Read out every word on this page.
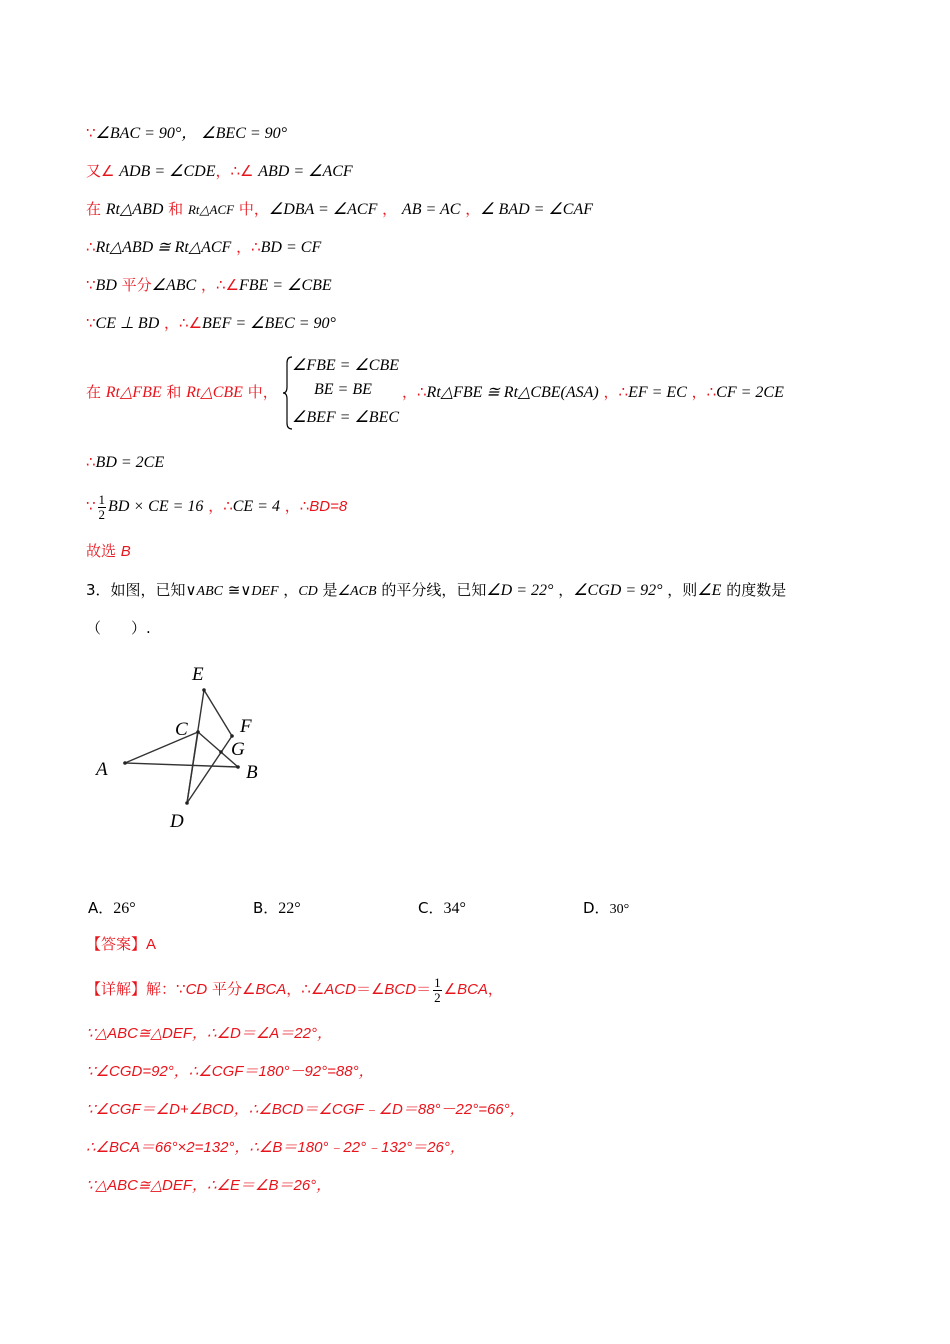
∵∠BAC = 90°， ∠BEC = 90°
又∠ ADB = ∠CDE，∴∠ ABD = ∠ACF
在 Rt△ABD 和 Rt△ACF 中，∠DBA = ∠ACF ， AB = AC ，∠ BAD = ∠CAF
∴Rt△ABD ≅ Rt△ACF ，∴BD = CF
∵BD 平分∠ABC ，∴∠FBE = ∠CBE
∵CE ⊥ BD ，∴∠BEF = ∠BEC = 90°
在 Rt△FBE 和 Rt△CBE 中，
∠FBE = ∠CBE
BE = BE
∠BEF = ∠BEC
，∴Rt△FBE ≅ Rt△CBE(ASA) ，∴EF = EC ，∴CF = 2CE
∴BD = 2CE
∵ $\frac{1}{2}$ BD × CE = 16 ，∴CE = 4 ，∴BD=8
故选 B
3．如图，已知∨ABC ≅∨DEF ，CD 是∠ACB 的平分线，已知∠D = 22° ，∠CGD = 92° ，则∠E 的度数是
（　　）.
E
C	F
G
A	B
D
A．26°	B．22°	C．34°	D．30°
【答案】A
【详解】解：∵CD 平分∠BCA，∴∠ACD＝∠BCD＝ $\frac{1}{2}$ ∠BCA，
∵△ABC≅△DEF，∴∠D＝∠A＝22°，
∵∠CGD=92°，∴∠CGF＝180°－92°=88°，
∵∠CGF＝∠D+∠BCD，∴∠BCD＝∠CGF﹣∠D＝88°－22°=66°，
∴∠BCA＝66°×2=132°，∴∠B＝180°﹣22°﹣132°＝26°，
∵△ABC≅△DEF，∴∠E＝∠B＝26°，
